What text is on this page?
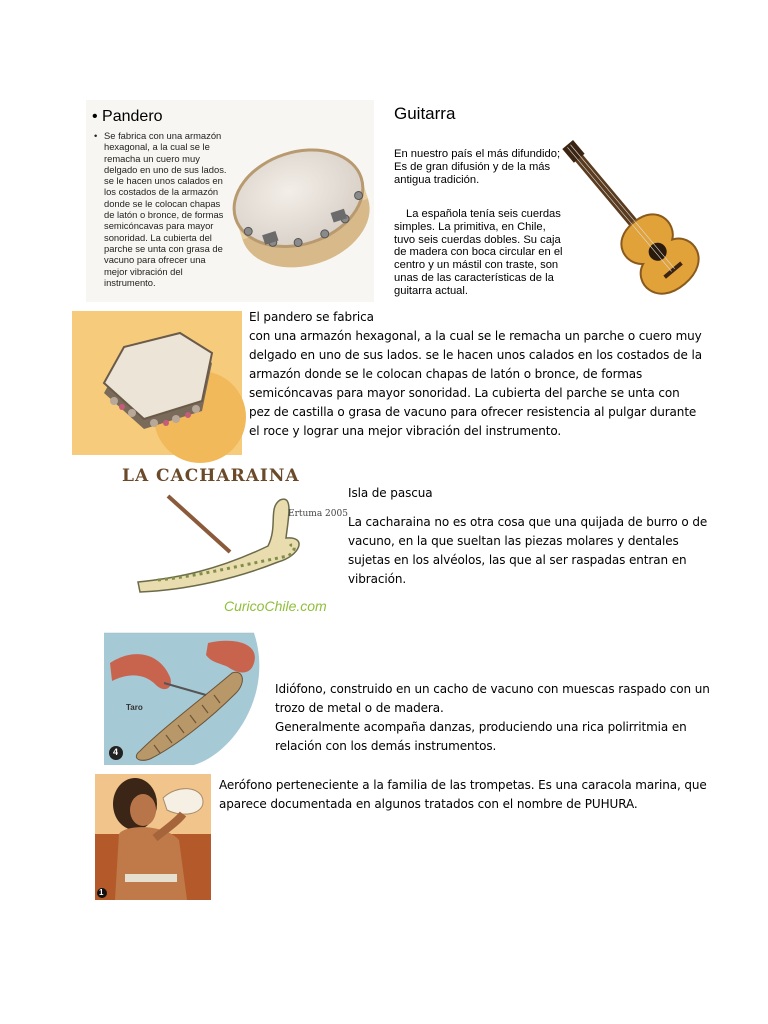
• Pandero
• Se fabrica con una armazón hexagonal, a la cual se le remacha un cuero muy delgado en uno de sus lados. se le hacen unos calados en los costados de la armazón donde se le colocan chapas de latón o bronce, de formas semicóncavas para mayor sonoridad. La cubierta del parche se unta con grasa de vacuno para ofrecer una mejor vibración del instrumento.
Guitarra
En nuestro país el más difundido; Es de gran difusión y de la más antigua tradición.
La española tenía seis cuerdas simples. La primitiva, en Chile, tuvo seis cuerdas dobles. Su caja de madera con boca circular en el centro y un mástil con traste, son unas de las características de la guitarra actual.
El pandero se fabrica
con una armazón hexagonal, a la cual se le remacha un parche o cuero muy delgado en uno de sus lados. se le hacen unos calados en los costados de la armazón donde se le colocan chapas de latón o bronce, de formas semicóncavas para mayor sonoridad. La cubierta del parche se unta con pez de castilla o grasa de vacuno para ofrecer resistencia al pulgar durante el roce y lograr una mejor vibración del instrumento.
LA CACHARAINA
Ertuma 2005
CuricoChile.com
Isla de pascua
La cacharaina no es otra cosa que una quijada de burro o de vacuno, en la que sueltan las piezas molares y dentales sujetas en los alvéolos, las que al ser raspadas entran en vibración.
Taro
4
Idiófono, construido en un cacho de vacuno con muescas raspado con un trozo de metal o de madera.
Generalmente acompaña danzas, produciendo una rica polirritmia en relación con los demás instrumentos.
1
Aerófono perteneciente a la familia de las trompetas. Es una caracola marina, que aparece documentada en algunos tratados con el nombre de PUHURA.
